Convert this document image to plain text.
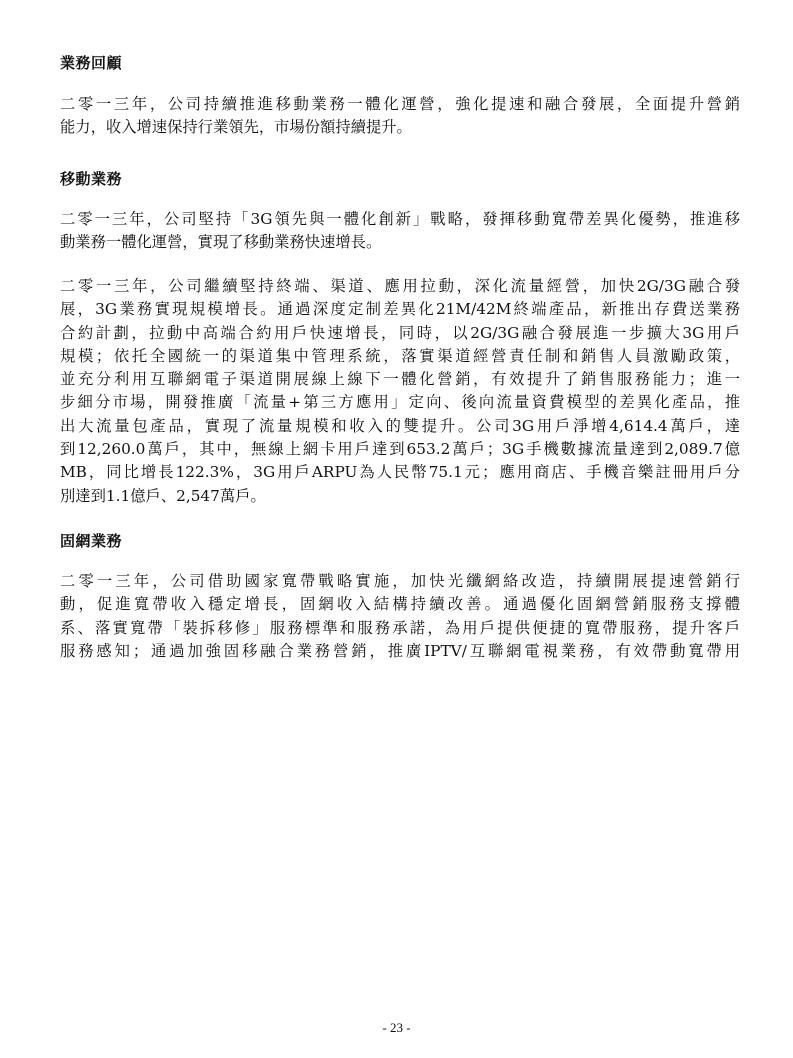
業務回顧
二零一三年，公司持續推進移動業務一體化運營，強化提速和融合發展，全面提升營銷
能力，收入增速保持行業領先，市場份額持續提升。
移動業務
二零一三年，公司堅持「3G領先與一體化創新」戰略，發揮移動寬帶差異化優勢，推進移
動業務一體化運營，實現了移動業務快速增長。
二零一三年，公司繼續堅持終端、渠道、應用拉動，深化流量經營，加快2G/3G融合發
展，3G業務實現規模增長。通過深度定制差異化21M/42M終端產品，新推出存費送業務
合約計劃，拉動中高端合約用戶快速增長，同時，以2G/3G融合發展進一步擴大3G用戶
規模；依托全國統一的渠道集中管理系統，落實渠道經營責任制和銷售人員激勵政策，
並充分利用互聯網電子渠道開展線上線下一體化營銷，有效提升了銷售服務能力；進一
步細分市場，開發推廣「流量+第三方應用」定向、後向流量資費模型的差異化產品，推
出大流量包產品，實現了流量規模和收入的雙提升。公司3G用戶淨增4,614.4萬戶，達
到12,260.0萬戶，其中，無線上網卡用戶達到653.2萬戶；3G手機數據流量達到2,089.7億
MB，同比增長122.3%，3G用戶ARPU為人民幣75.1元；應用商店、手機音樂註冊用戶分
別達到1.1億戶、2,547萬戶。
固網業務
二零一三年，公司借助國家寬帶戰略實施，加快光纖網絡改造，持續開展提速營銷行
動，促進寬帶收入穩定增長，固網收入結構持續改善。通過優化固網營銷服務支撐體
系、落實寬帶「裝拆移修」服務標準和服務承諾，為用戶提供便捷的寬帶服務，提升客戶
服務感知；通過加強固移融合業務營銷，推廣IPTV/互聯網電視業務，有效帶動寬帶用
- 23 -
